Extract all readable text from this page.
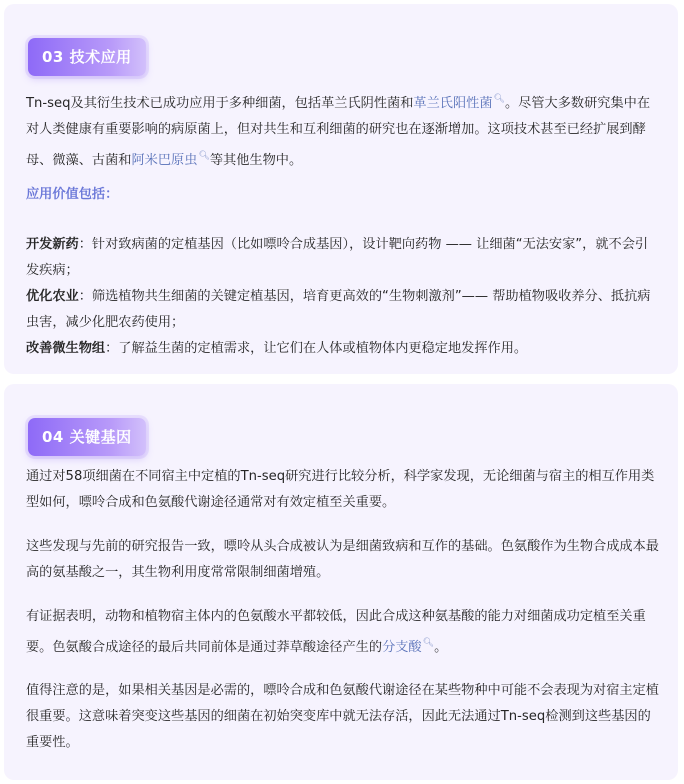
03 技术应用

Tn-seq及其衍生技术已成功应用于多种细菌，包括革兰氏阴性菌和革兰氏阳性菌🔍︎。尽管大多数研究集中在对人类健康有重要影响的病原菌上，但对共生和互利细菌的研究也在逐渐增加。这项技术甚至已经扩展到酵母、微藻、古菌和阿米巴原虫🔍︎等其他生物中。

应用价值包括：

开发新药：针对致病菌的定植基因（比如嘌呤合成基因），设计靶向药物 —— 让细菌“无法安家”，就不会引发疾病；
优化农业：筛选植物共生细菌的关键定植基因，培育更高效的“生物刺激剂”—— 帮助植物吸收养分、抵抗病虫害，减少化肥农药使用；
改善微生物组：了解益生菌的定植需求，让它们在人体或植物体内更稳定地发挥作用。

04 关键基因

通过对58项细菌在不同宿主中定植的Tn-seq研究进行比较分析，科学家发现，无论细菌与宿主的相互作用类型如何，嘌呤合成和色氨酸代谢途径通常对有效定植至关重要。

这些发现与先前的研究报告一致，嘌呤从头合成被认为是细菌致病和互作的基础。色氨酸作为生物合成成本最高的氨基酸之一，其生物利用度常常限制细菌增殖。

有证据表明，动物和植物宿主体内的色氨酸水平都较低，因此合成这种氨基酸的能力对细菌成功定植至关重要。色氨酸合成途径的最后共同前体是通过莽草酸途径产生的分支酸🔍︎。

值得注意的是，如果相关基因是必需的，嘌呤合成和色氨酸代谢途径在某些物种中可能不会表现为对宿主定植很重要。这意味着突变这些基因的细菌在初始突变库中就无法存活，因此无法通过Tn-seq检测到这些基因的重要性。
